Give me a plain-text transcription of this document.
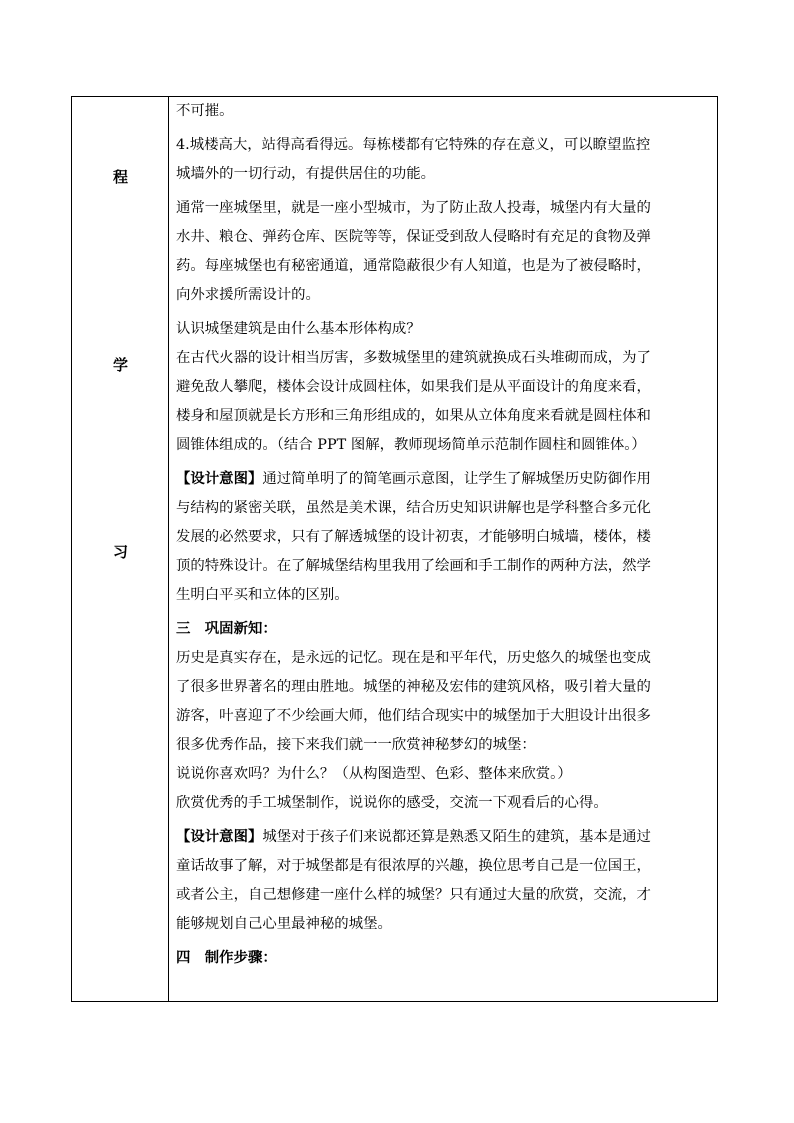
程
学
习
不可摧。
4.城楼高大，站得高看得远。每栋楼都有它特殊的存在意义，可以瞭望监控
城墙外的一切行动，有提供居住的功能。
通常一座城堡里，就是一座小型城市，为了防止敌人投毒，城堡内有大量的
水井、粮仓、弹药仓库、医院等等，保证受到敌人侵略时有充足的食物及弹
药。每座城堡也有秘密通道，通常隐蔽很少有人知道，也是为了被侵略时，
向外求援所需设计的。
认识城堡建筑是由什么基本形体构成？
在古代火器的设计相当厉害，多数城堡里的建筑就换成石头堆砌而成，为了
避免敌人攀爬，楼体会设计成圆柱体，如果我们是从平面设计的角度来看，
楼身和屋顶就是长方形和三角形组成的，如果从立体角度来看就是圆柱体和
圆锥体组成的。（结合 PPT 图解，教师现场简单示范制作圆柱和圆锥体。）
【设计意图】通过简单明了的简笔画示意图，让学生了解城堡历史防御作用
与结构的紧密关联，虽然是美术课，结合历史知识讲解也是学科整合多元化
发展的必然要求，只有了解透城堡的设计初衷，才能够明白城墙，楼体，楼
顶的特殊设计。在了解城堡结构里我用了绘画和手工制作的两种方法，然学
生明白平买和立体的区别。
三　巩固新知：
历史是真实存在，是永远的记忆。现在是和平年代，历史悠久的城堡也变成
了很多世界著名的理由胜地。城堡的神秘及宏伟的建筑风格，吸引着大量的
游客，叶喜迎了不少绘画大师，他们结合现实中的城堡加于大胆设计出很多
很多优秀作品，接下来我们就一一欣赏神秘梦幻的城堡：
说说你喜欢吗？为什么？（从构图造型、色彩、整体来欣赏。）
欣赏优秀的手工城堡制作，说说你的感受，交流一下观看后的心得。
【设计意图】城堡对于孩子们来说都还算是熟悉又陌生的建筑，基本是通过
童话故事了解，对于城堡都是有很浓厚的兴趣，换位思考自己是一位国王，
或者公主，自己想修建一座什么样的城堡？只有通过大量的欣赏，交流，才
能够规划自己心里最神秘的城堡。
四　制作步骤：
